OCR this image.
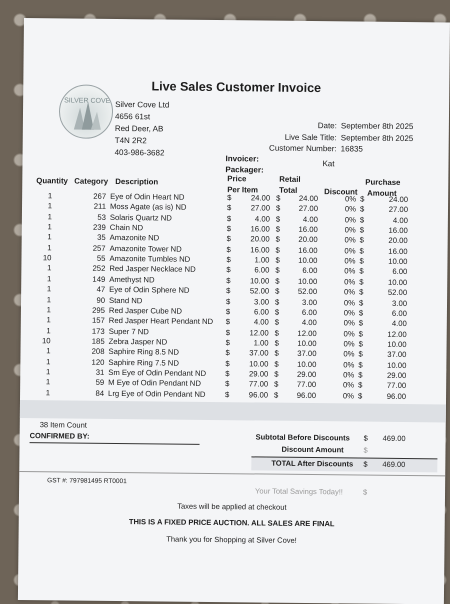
Live Sales Customer Invoice
SILVER COVE Silver Cove Ltd
4656 61st
Red Deer, AB
T4N 2R2
403-986-3682
Date: September 8th 2025
Live Sale Title: September 8th 2025
Customer Number: 16835
Invoicer:
Kat
Packager:
Quantity Category Description	Price
Per Item
Retail
Total	Discount
Purchase
Amount
1	267 Eye of Odin Heart ND	$	24.00 $	24.00	0% $	24.00
1	211 Moss Agate (as is) ND	$	27.00 $	27.00	0% $	27.00
1	53 Solaris Quartz ND	$	4.00 $	4.00	0% $	4.00
1	239 Chain ND	$	16.00 $	16.00	0% $	16.00
1	35 Amazonite ND	$	20.00 $	20.00	0% $	20.00
1	257 Amazonite Tower ND	$	16.00 $	16.00	0% $	16.00
10	55 Amazonite Tumbles ND	$	1.00 $	10.00	0% $	10.00
1	252 Red Jasper Necklace ND	$	6.00 $	6.00	0% $	6.00
1	149 Amethyst ND	$	10.00 $	10.00	0% $	10.00
1	47 Eye of Odin Sphere ND	$	52.00 $	52.00	0% $	52.00
1	90 Stand ND	$	3.00 $	3.00	0% $	3.00
1	295 Red Jasper Cube ND	$	6.00 $	6.00	0% $	6.00
1	157 Red Jasper Heart Pendant ND	$	4.00 $	4.00	0% $	4.00
1	173 Super 7 ND	$	12.00 $	12.00	0% $	12.00
10	185 Zebra Jasper ND	$	1.00 $	10.00	0% $	10.00
1	208 Saphire Ring 8.5 ND	$	37.00 $	37.00	0% $	37.00
1	120 Saphire Ring 7.5 ND	$	10.00 $	10.00	0% $	10.00
1	31 Sm Eye of Odin Pendant ND	$	29.00 $	29.00	0% $	29.00
1	59 M Eye of Odin Pendant ND	$	77.00 $	77.00	0% $	77.00
1	84 Lrg Eye of Odin Pendant ND	$	96.00 $	96.00	0% $	96.00
38 Item Count
CONFIRMED BY:	Subtotal Before Discounts $	469.00
Discount Amount	$
TOTAL After Discounts $	469.00
GST #: 797981495 RT0001
Your Total Savings Today!!	$
Taxes will be applied at checkout
THIS IS A FIXED PRICE AUCTION. ALL SALES ARE FINAL
Thank you for Shopping at Silver Cove!
